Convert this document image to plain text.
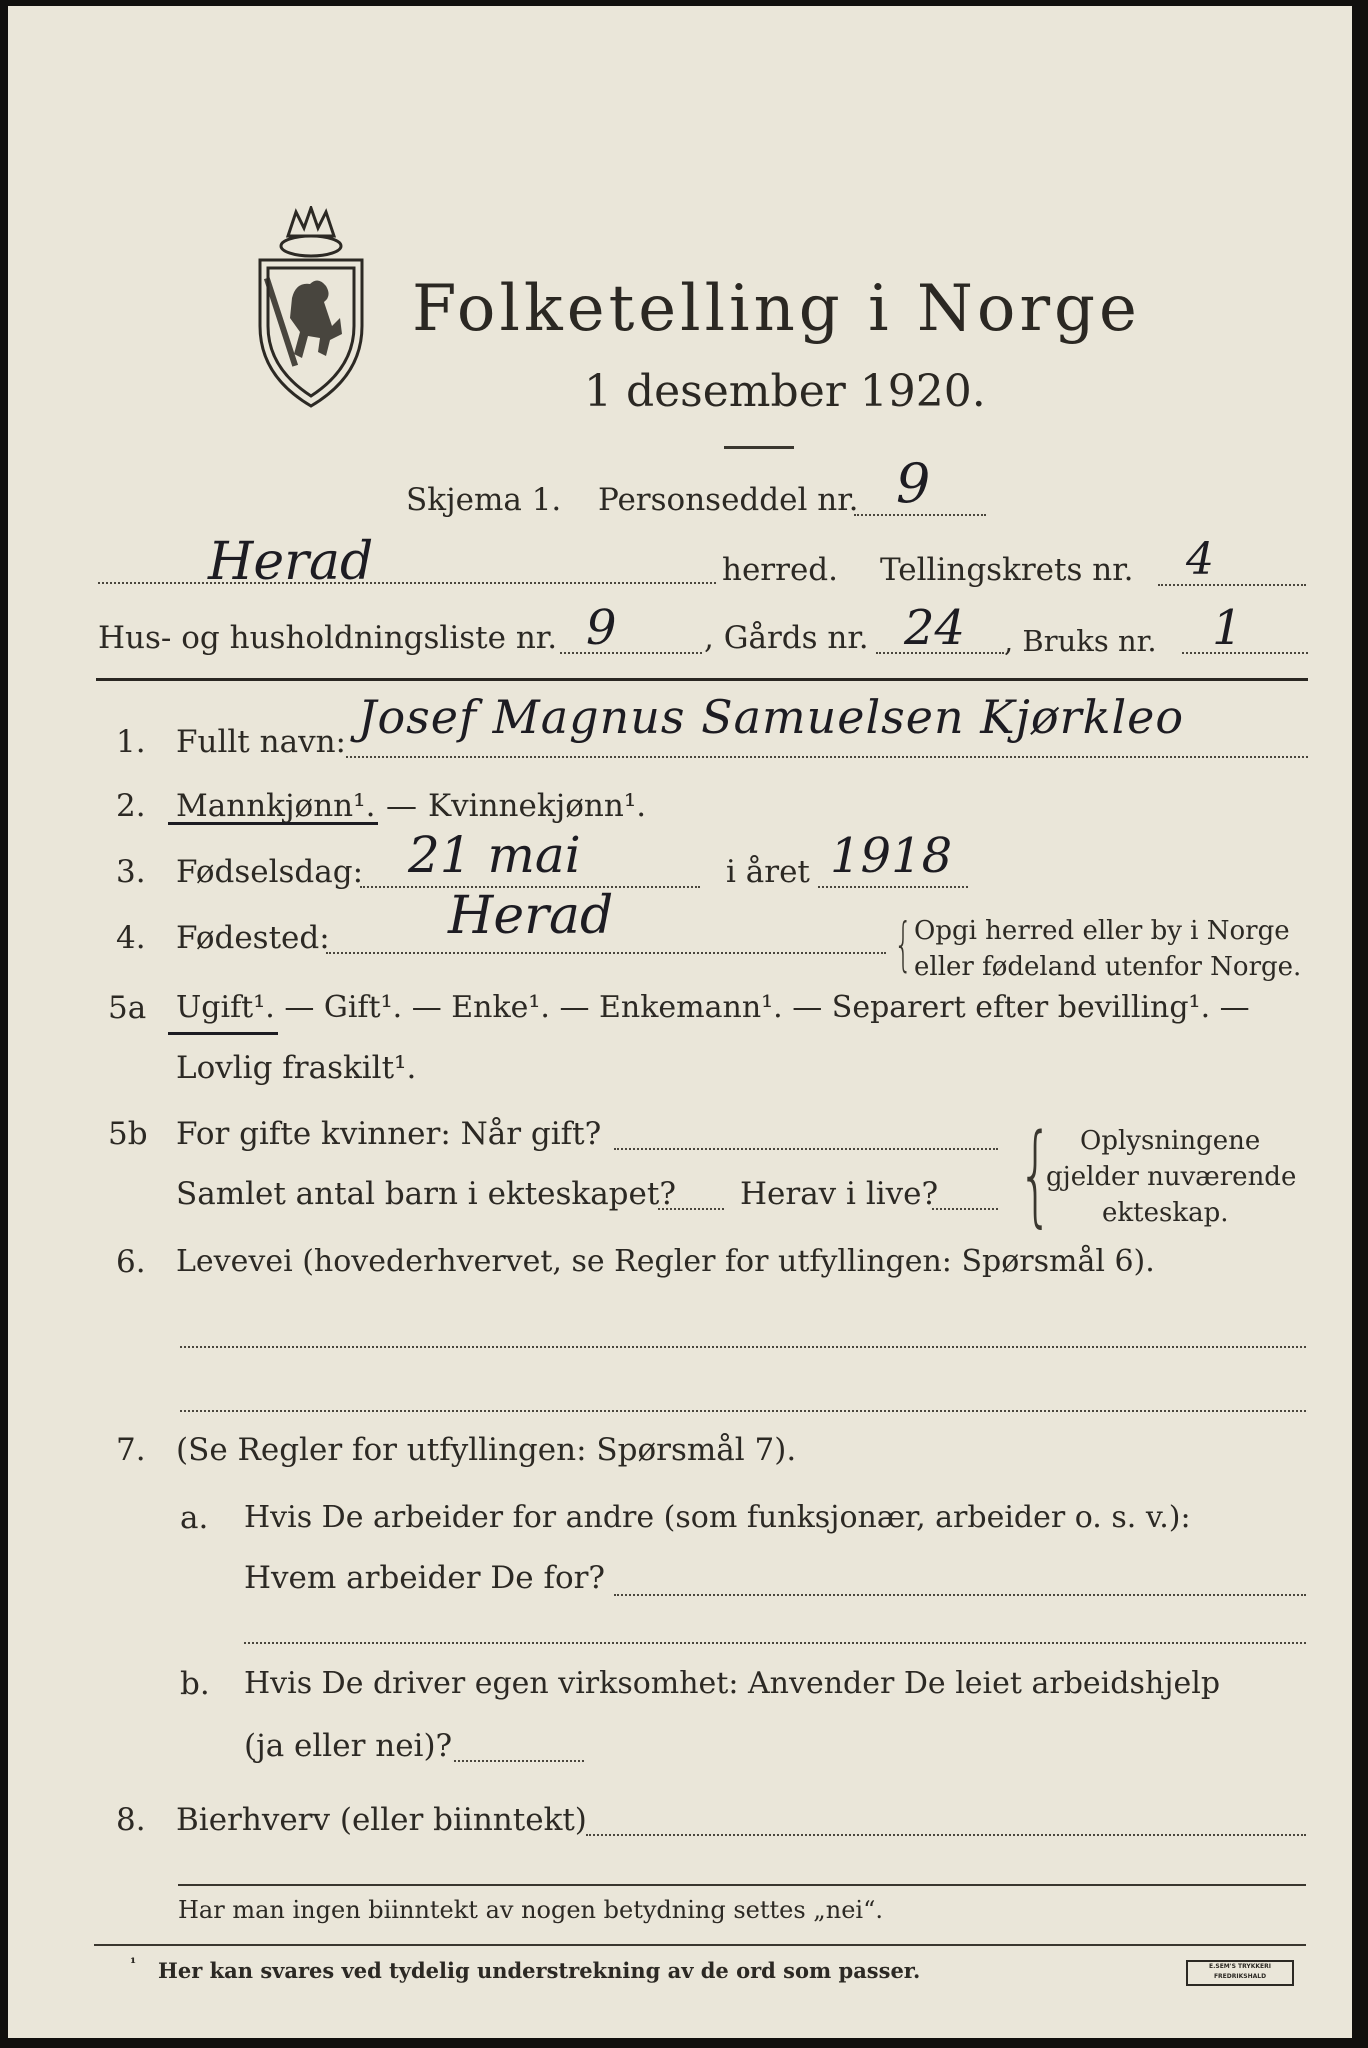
Folketelling i Norge
1 desember 1920.
Skjema 1. Personseddel nr. 9
Herad	herred. Tellingskrets nr. 4
Hus- og husholdningsliste nr. 9	, Gårds nr. 24 , Bruks nr. 1
1. Fullt navn: Josef Magnus Samuelsen Kjørkleo
2. Mannkjønn¹. — Kvinnekjønn¹.
3. Fødselsdag: 21 mai	i året 1918
4. Fødested: Herad	{ Opgi herred eller by i Norge
eller fødeland utenfor Norge.
5a Ugift¹. — Gift¹. — Enke¹. — Enkemann¹. — Separert efter bevilling¹. —
Lovlig fraskilt¹.
5b For gifte kvinner: Når gift?
Samlet antal barn i ekteskapet? Herav i live? { Oplysningene
gjelder nuværende
ekteskap.
6. Levevei (hovederhvervet, se Regler for utfyllingen: Spørsmål 6).
7. (Se Regler for utfyllingen: Spørsmål 7).
a. Hvis De arbeider for andre (som funksjonær, arbeider o. s. v.):
Hvem arbeider De for?
b. Hvis De driver egen virksomhet: Anvender De leiet arbeidshjelp
(ja eller nei)?
8. Bierhverv (eller biinntekt)
Har man ingen biinntekt av nogen betydning settes „nei“.
¹ Her kan svares ved tydelig understrekning av de ord som passer.	E.SEM'S TRYKKERI FREDRIKSHALD
